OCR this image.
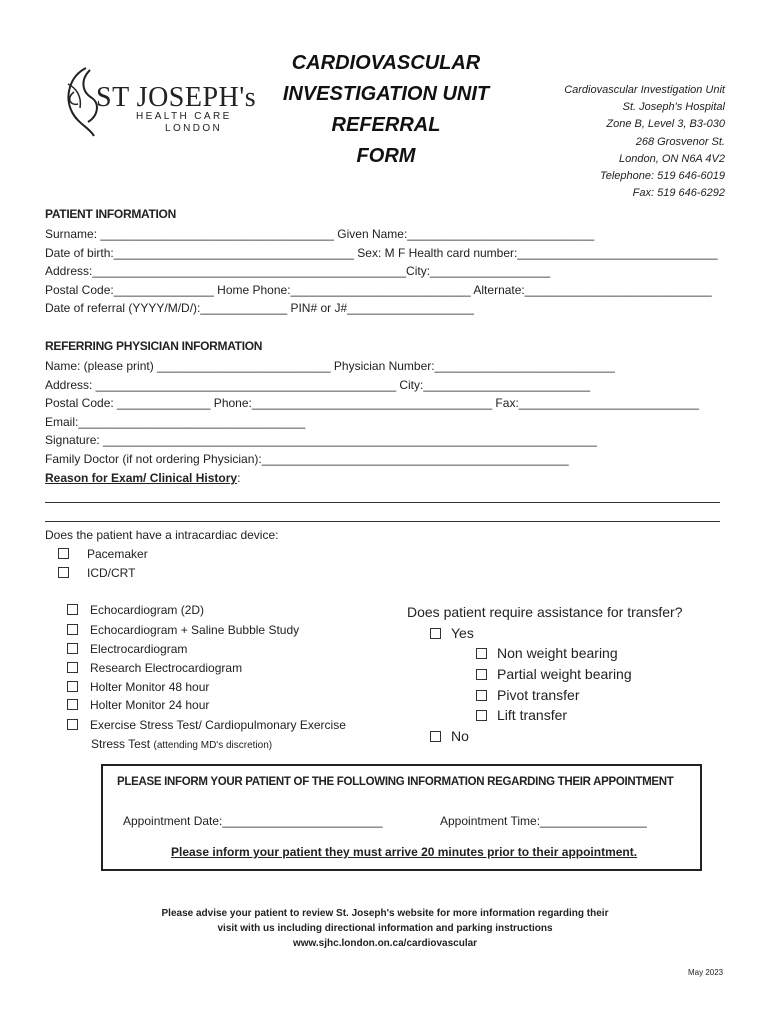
ST JOSEPH's
HEALTH CARE
LONDON
CARDIOVASCULAR
INVESTIGATION UNIT
REFERRAL
FORM
Cardiovascular Investigation Unit
St. Joseph's Hospital
Zone B, Level 3, B3-030
268 Grosvenor St.
London, ON N6A 4V2
Telephone: 519 646-6019
Fax: 519 646-6292
PATIENT INFORMATION
Surname: ___________________________________ Given Name:____________________________
Date of birth:____________________________________ Sex: M F Health card number:______________________________
Address:_______________________________________________City:__________________
Postal Code:_______________ Home Phone:___________________________ Alternate:____________________________
Date of referral (YYYY/M/D/):_____________ PIN# or J#___________________
REFERRING PHYSICIAN INFORMATION
Name: (please print) __________________________ Physician Number:___________________________
Address: _____________________________________________ City:_________________________
Postal Code: ______________ Phone:____________________________________ Fax:___________________________
Email:__________________________________
Signature: __________________________________________________________________________
Family Doctor (if not ordering Physician):______________________________________________
Reason for Exam/ Clinical History:
Does the patient have a intracardiac device:
Pacemaker
ICD/CRT
Echocardiogram (2D)
Echocardiogram + Saline Bubble Study
Electrocardiogram
Research Electrocardiogram
Holter Monitor 48 hour
Holter Monitor 24 hour
Exercise Stress Test/ Cardiopulmonary Exercise
Stress Test (attending MD's discretion)
Does patient require assistance for transfer?
Yes
Non weight bearing
Partial weight bearing
Pivot transfer
Lift transfer
No
PLEASE INFORM YOUR PATIENT OF THE FOLLOWING INFORMATION REGARDING THEIR APPOINTMENT
Appointment Date:________________________	Appointment Time:________________
Please inform your patient they must arrive 20 minutes prior to their appointment.
Please advise your patient to review St. Joseph's website for more information regarding their
visit with us including directional information and parking instructions
www.sjhc.london.on.ca/cardiovascular
May 2023
